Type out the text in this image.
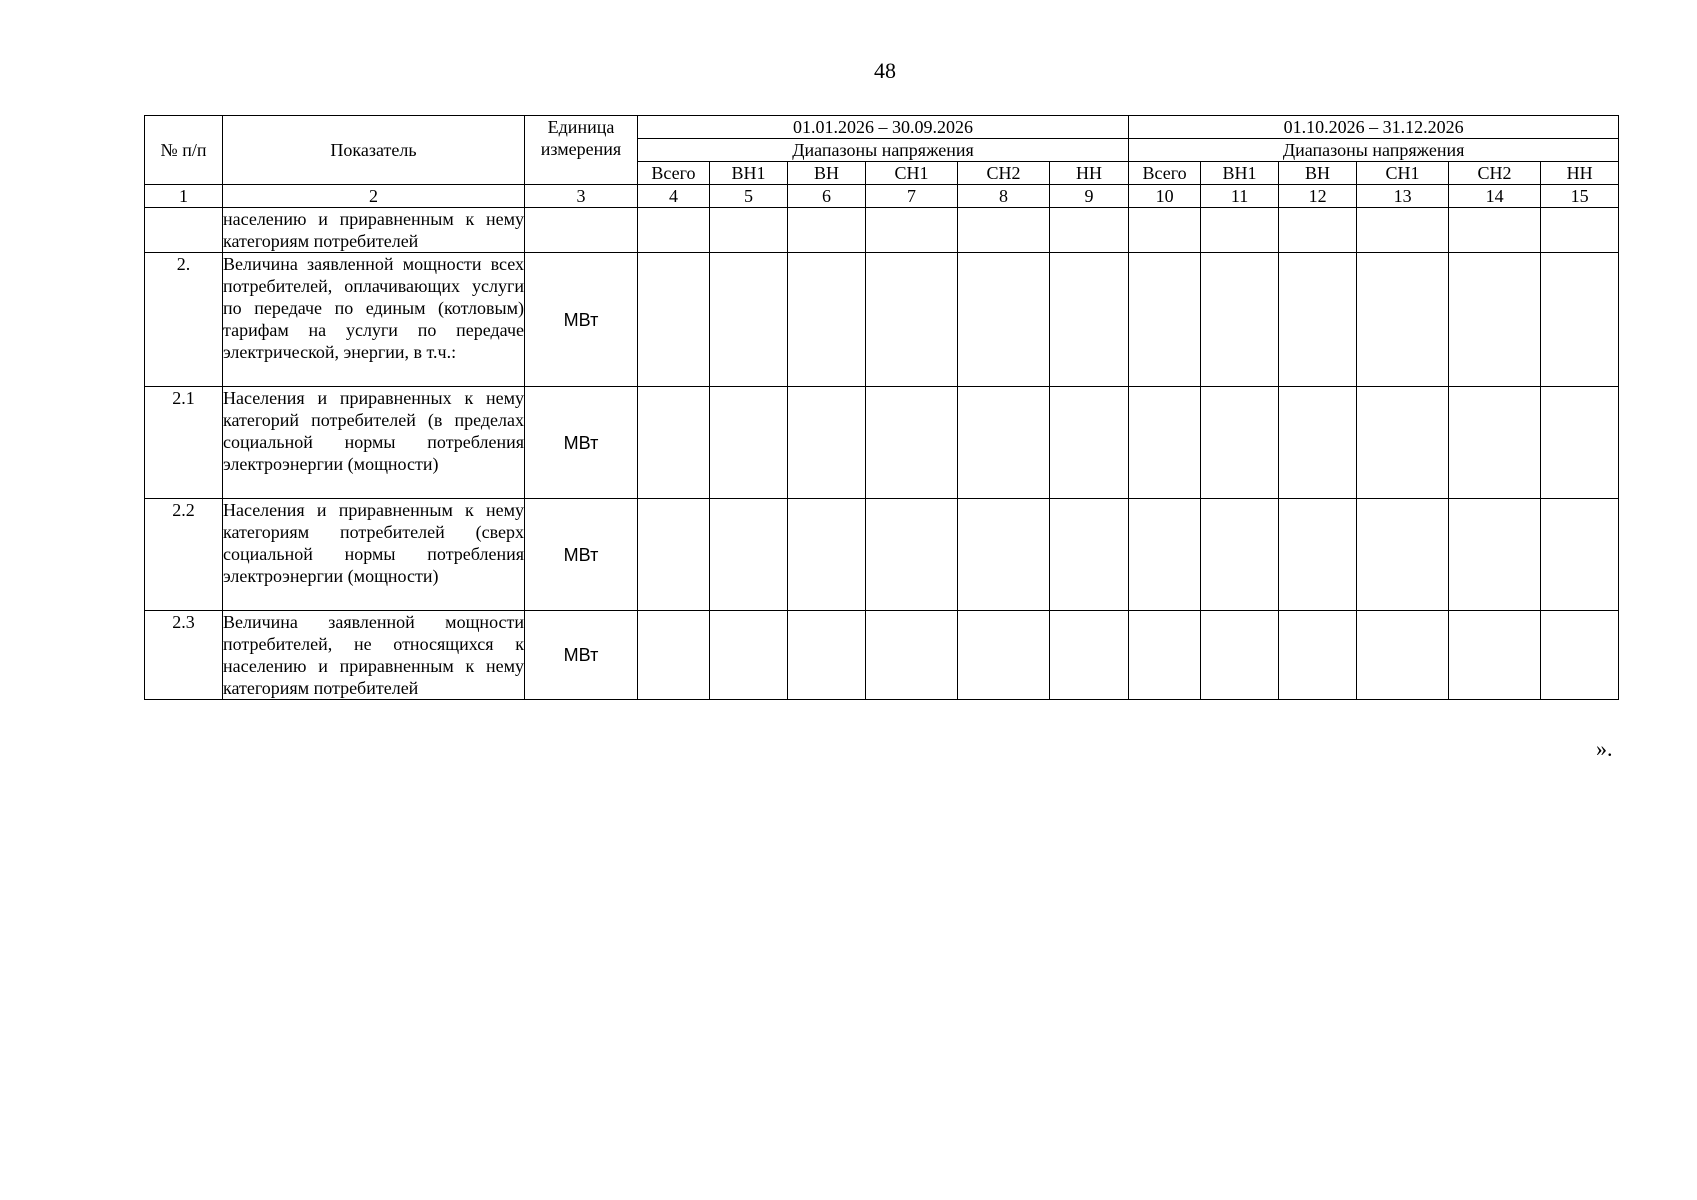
48
№ п/п	Показатель	Единица измерения	01.01.2026 – 30.09.2026						01.10.2026 – 31.12.2026					
			Диапазоны напряжения						Диапазоны напряжения					
			Всего	ВН1	ВН	СН1	СН2	НН	Всего	ВН1	ВН	СН1	СН2	НН
1	2	3	4	5	6	7	8	9	10	11	12	13	14	15
	населению и приравненным к нему категориям потребителей													
2.	Величина заявленной мощности всех потребителей, оплачивающих услуги по передаче по единым (котловым) тарифам на услуги по передаче электрической, энергии, в т.ч.:	МВт												
2.1	Населения и приравненных к нему категорий потребителей (в пределах социальной нормы потребления электроэнергии (мощности)	МВт												
2.2	Населения и приравненным к нему категориям потребителей (сверх социальной нормы потребления электроэнергии (мощности)	МВт												
2.3	Величина заявленной мощности потребителей, не относящихся к населению и приравненным к нему категориям потребителей	МВт												
».
